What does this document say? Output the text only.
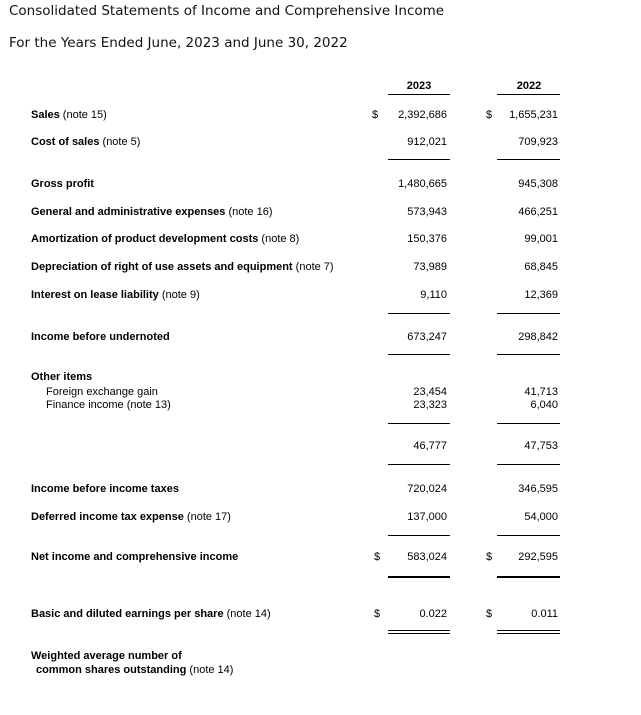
Consolidated Statements of Income and Comprehensive Income
For the Years Ended June, 2023 and June 30, 2022
2023	2022
Sales (note 15)	$	2,392,686	$	1,655,231
Cost of sales (note 5)	912,021	709,923
Gross profit	1,480,665	945,308
General and administrative expenses (note 16)	573,943	466,251
Amortization of product development costs (note 8)	150,376	99,001
Depreciation of right of use assets and equipment (note 7)	73,989	68,845
Interest on lease liability (note 9)	9,110	12,369
Income before undernoted	673,247	298,842
Other items
Foreign exchange gain	23,454	41,713
Finance income (note 13)	23,323	6,040
46,777	47,753
Income before income taxes	720,024	346,595
Deferred income tax expense (note 17)	137,000	54,000
Net income and comprehensive income	$	583,024	$	292,595
Basic and diluted earnings per share (note 14)	$	0.022	$	0.011
Weighted average number of
common shares outstanding (note 14)
